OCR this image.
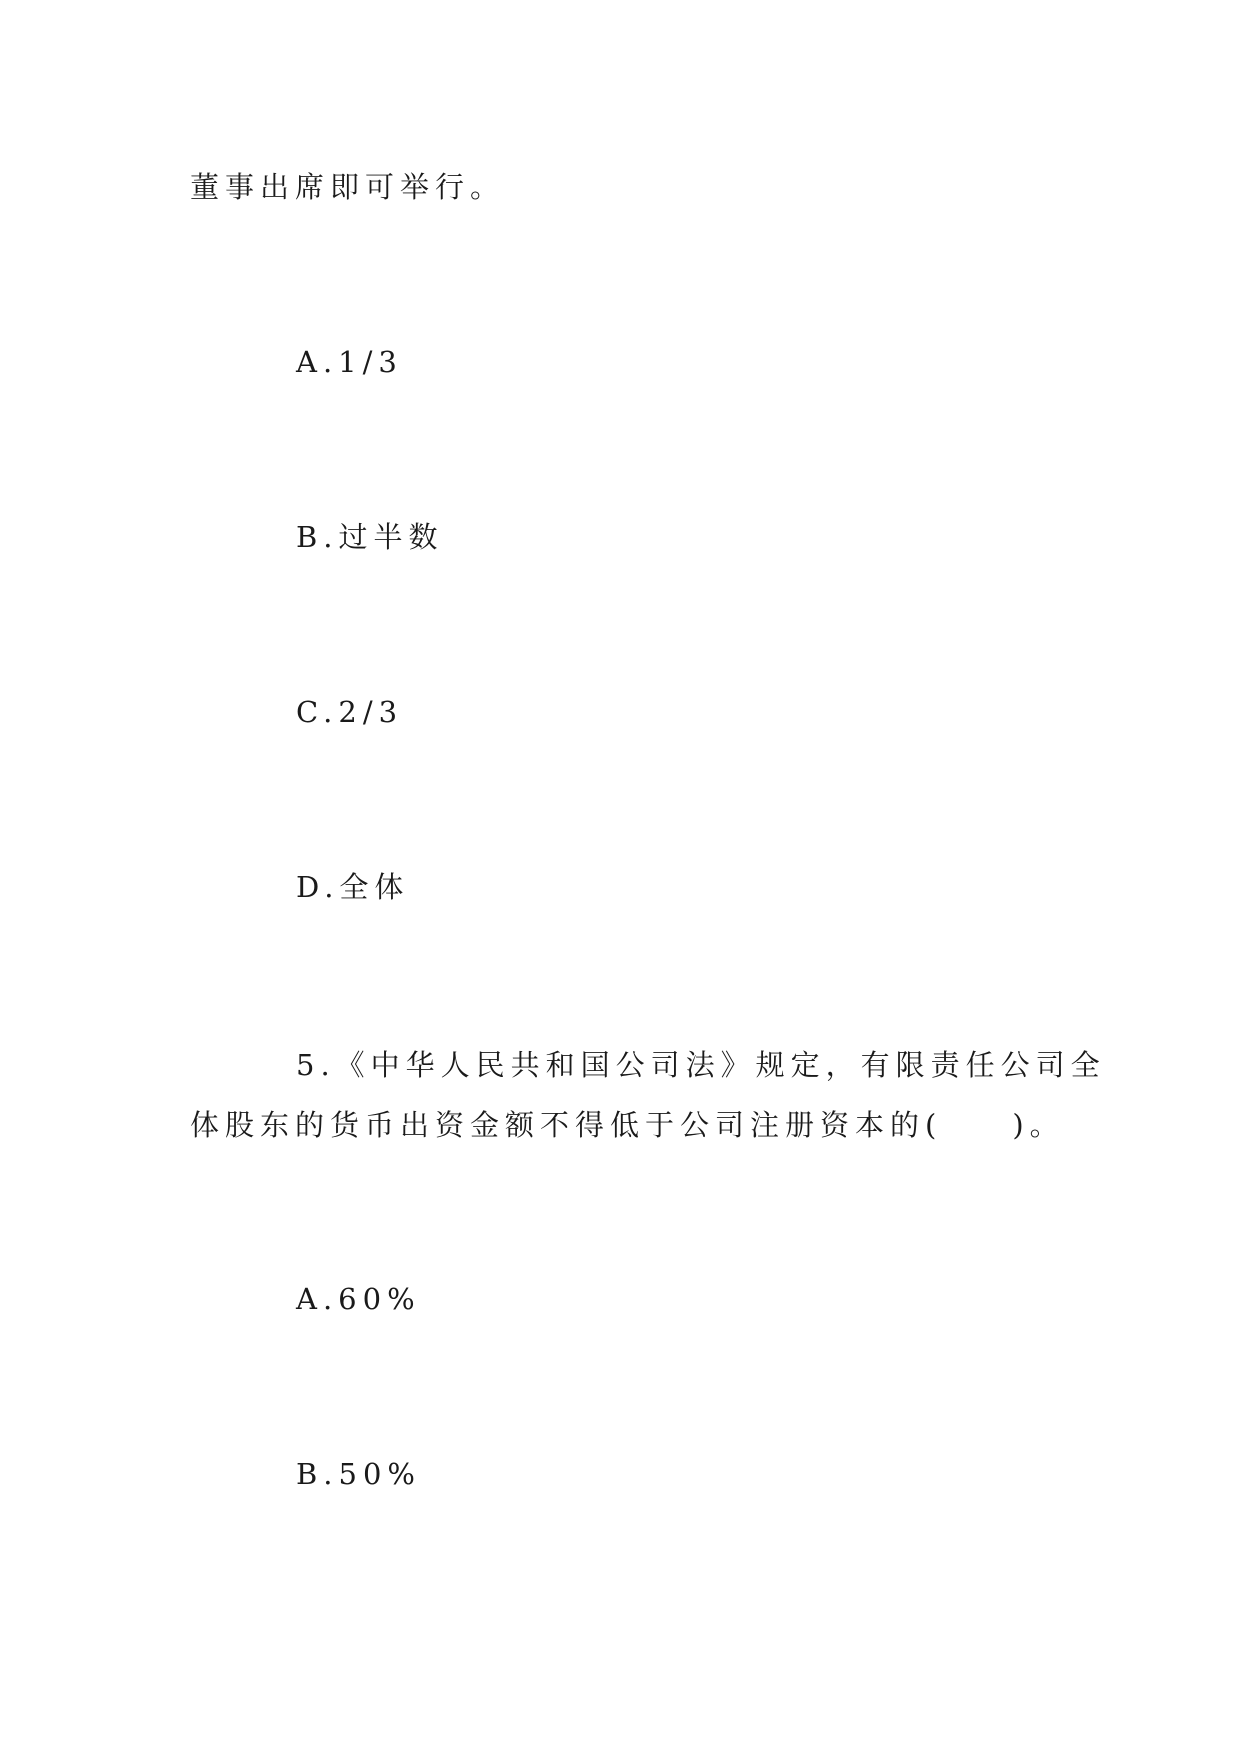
董事出席即可举行。
A.1/3
B.过半数
C.2/3
D.全体
5.《中华人民共和国公司法》规定，有限责任公司全
体股东的货币出资金额不得低于公司注册资本的(　　)。
A.60%
B.50%
